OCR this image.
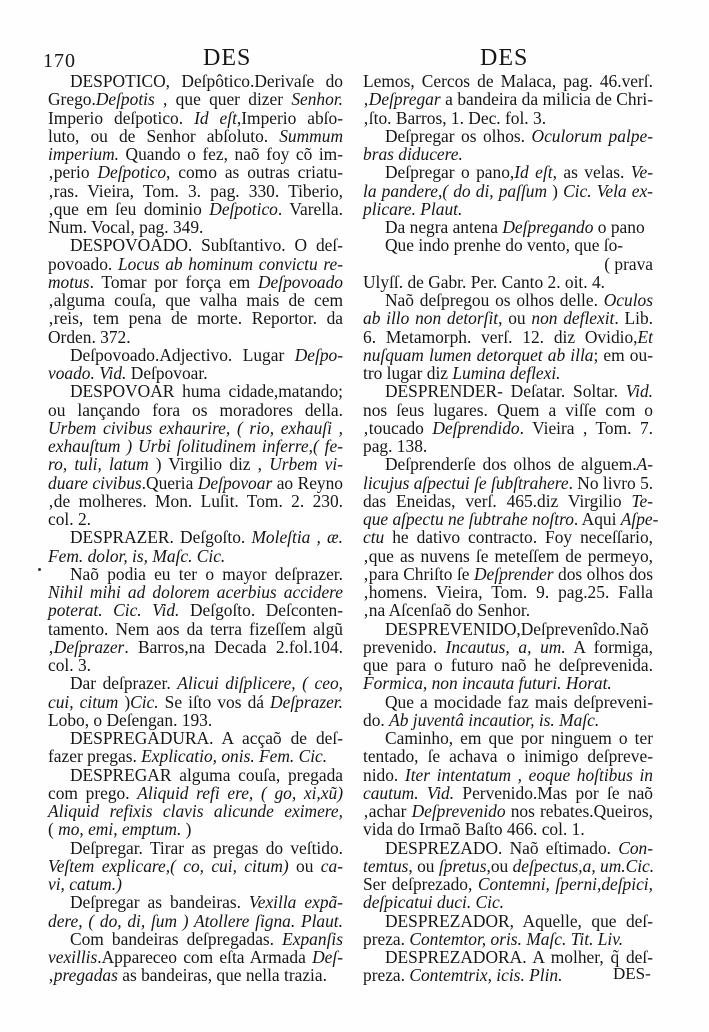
170	DES	DES
DESPOTICO, Deſpôtico.Derivaſe do
Grego.Deſpotis , que quer dizer Senhor.
Imperio deſpotico. Id eſt,Imperio abſo-
luto, ou de Senhor abſoluto. Summum
imperium. Quando o fez, naõ foy cõ im-
‚perio Deſpotico, como as outras criatu-
‚ras. Vieira, Tom. 3. pag. 330. Tiberio,
‚que em ſeu dominio Deſpotico. Varella.
Num. Vocal, pag. 349.
DESPOVOADO. Subſtantivo. O deſ-
povoado. Locus ab hominum convictu re-
motus. Tomar por força em Deſpovoado
‚alguma couſa, que valha mais de cem
‚reis, tem pena de morte. Reportor. da
Orden. 372.
Deſpovoado.Adjectivo. Lugar Deſpo-
voado. Vid. Deſpovoar.
DESPOVOAR huma cidade,matando;
ou lançando fora os moradores della.
Urbem civibus exhaurire, ( rio, exhauſi ,
exhauſtum ) Urbi ſolitudinem inferre,( fe-
ro, tuli, latum ) Virgilio diz , Urbem vi-
duare civibus.Queria Deſpovoar ao Reyno
‚de molheres. Mon. Luſit. Tom. 2. 230.
col. 2.
DESPRAZER. Deſgoſto. Moleſtia , æ.
Fem. dolor, is, Maſc. Cic.
Naõ podia eu ter o mayor deſprazer.
Nihil mihi ad dolorem acerbius accidere
poterat. Cic. Vid. Deſgoſto. Deſconten-
tamento. Nem aos da terra fizeſſem algũ
‚Deſprazer. Barros,na Decada 2.fol.104.
col. 3.
Dar deſprazer. Alicui diſplicere, ( ceo,
cui, citum )Cic. Se iſto vos dá Deſprazer.
Lobo, o Deſengan. 193.
DESPREGADURA. A acçaõ de deſ-
fazer pregas. Explicatio, onis. Fem. Cic.
DESPREGAR alguma couſa, pregada
com prego. Aliquid refi ere, ( go, xi,xũ)
Aliquid refixis clavis alicunde eximere,
( mo, emi, emptum. )
Deſpregar. Tirar as pregas do veſtido.
Veſtem explicare,( co, cui, citum) ou ca-
vi, catum.)
Deſpregar as bandeiras. Vexilla expã-
dere, ( do, di, ſum ) Atollere ſigna. Plaut.
Com bandeiras deſpregadas. Expanſis
vexillis.Appareceo com eſta Armada Deſ-
‚pregadas as bandeiras, que nella trazia.
Lemos, Cercos de Malaca, pag. 46.verſ.
‚Deſpregar a bandeira da milicia de Chri-
‚ſto. Barros, 1. Dec. fol. 3.
Deſpregar os olhos. Oculorum palpe-
bras diducere.
Deſpregar o pano,Id eſt, as velas. Ve-
la pandere,( do di, paſſum ) Cic. Vela ex-
plicare. Plaut.
Da negra antena Deſpregando o pano
Que indo prenhe do vento, que ſo-
( prava
Ulyſſ. de Gabr. Per. Canto 2. oit. 4.
Naõ deſpregou os olhos delle. Oculos
ab illo non detorſit, ou non deflexit. Lib.
6. Metamorph. verſ. 12. diz Ovidio,Et
nuſquam lumen detorquet ab illa; em ou-
tro lugar diz Lumina deflexi.
DESPRENDER- Deſatar. Soltar. Vid.
nos ſeus lugares. Quem a viſſe com o
‚toucado Deſprendido. Vieira , Tom. 7.
pag. 138.
Deſprenderſe dos olhos de alguem.A-
licujus aſpectui ſe ſubſtrahere. No livro 5.
das Eneidas, verſ. 465.diz Virgilio Te-
que aſpectu ne ſubtrahe noſtro. Aqui Aſpe-
ctu he dativo contracto. Foy neceſſario,
‚que as nuvens ſe meteſſem de permeyo,
‚para Chriſto ſe Deſprender dos olhos dos
‚homens. Vieira, Tom. 9. pag.25. Falla
‚na Aſcenſaõ do Senhor.
DESPREVENIDO,Deſprevenîdo.Naõ
prevenido. Incautus, a, um. A formiga,
que para o futuro naõ he deſprevenida.
Formica, non incauta futuri. Horat.
Que a mocidade faz mais deſpreveni-
do. Ab juventâ incautior, is. Maſc.
Caminho, em que por ninguem o ter
tentado, ſe achava o inimigo deſpreve-
nido. Iter intentatum , eoque hoſtibus in
cautum. Vid. Pervenido.Mas por ſe naõ
‚achar Deſprevenido nos rebates.Queiros,
vida do Irmaõ Baſto 466. col. 1.
DESPREZADO. Naõ eſtimado. Con-
temtus, ou ſpretus,ou deſpectus,a, um.Cic.
Ser deſprezado, Contemni, ſperni,deſpici,
deſpicatui duci. Cic.
DESPREZADOR, Aquelle, que deſ-
preza. Contemtor, oris. Maſc. Tit. Liv.
DESPREZADORA. A molher, q̃ deſ-
preza. Contemtrix, icis. Plin.	DES-
